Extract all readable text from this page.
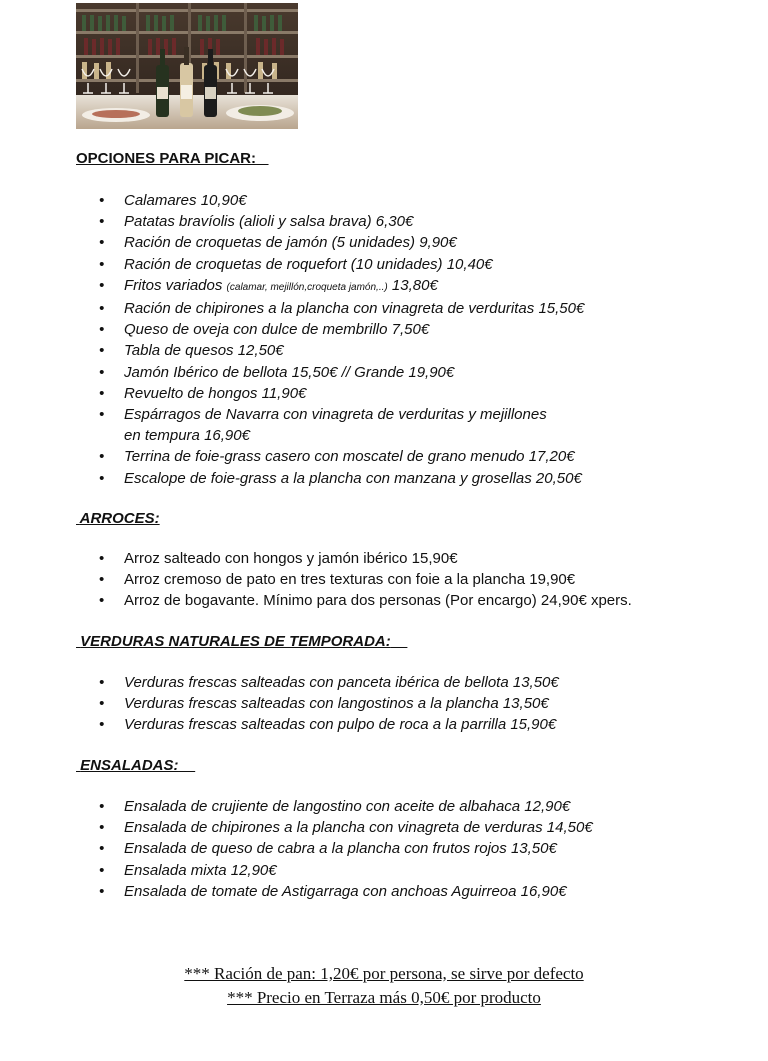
OPCIONES PARA PICAR:

• Calamares 10,90€
• Patatas bravíolis (alioli y salsa brava) 6,30€
• Ración de croquetas de jamón (5 unidades) 9,90€
• Ración de croquetas de roquefort (10 unidades) 10,40€
• Fritos variados (calamar, mejillón,croqueta jamón,..) 13,80€
• Ración de chipirones a la plancha con vinagreta de verduritas 15,50€
• Queso de oveja con dulce de membrillo 7,50€
• Tabla de quesos 12,50€
• Jamón Ibérico de bellota 15,50€ // Grande 19,90€
• Revuelto de hongos 11,90€
• Espárragos de Navarra con vinagreta de verduritas y mejillones
en tempura 16,90€
• Terrina de foie-grass casero con moscatel de grano menudo 17,20€
• Escalope de foie-grass a la plancha con manzana y grosellas 20,50€

ARROCES:

• Arroz salteado con hongos y jamón ibérico 15,90€
• Arroz cremoso de pato en tres texturas con foie a la plancha 19,90€
• Arroz de bogavante. Mínimo para dos personas (Por encargo) 24,90€ xpers.

VERDURAS NATURALES DE TEMPORADA:

• Verduras frescas salteadas con panceta ibérica de bellota 13,50€
• Verduras frescas salteadas con langostinos a la plancha 13,50€
• Verduras frescas salteadas con pulpo de roca a la parrilla 15,90€

ENSALADAS:

• Ensalada de crujiente de langostino con aceite de albahaca 12,90€
• Ensalada de chipirones a la plancha con vinagreta de verduras 14,50€
• Ensalada de queso de cabra a la plancha con frutos rojos 13,50€
• Ensalada mixta 12,90€
• Ensalada de tomate de Astigarraga con anchoas Aguirreoa 16,90€
*** Ración de pan: 1,20€ por persona, se sirve por defecto
*** Precio en Terraza más 0,50€ por producto
